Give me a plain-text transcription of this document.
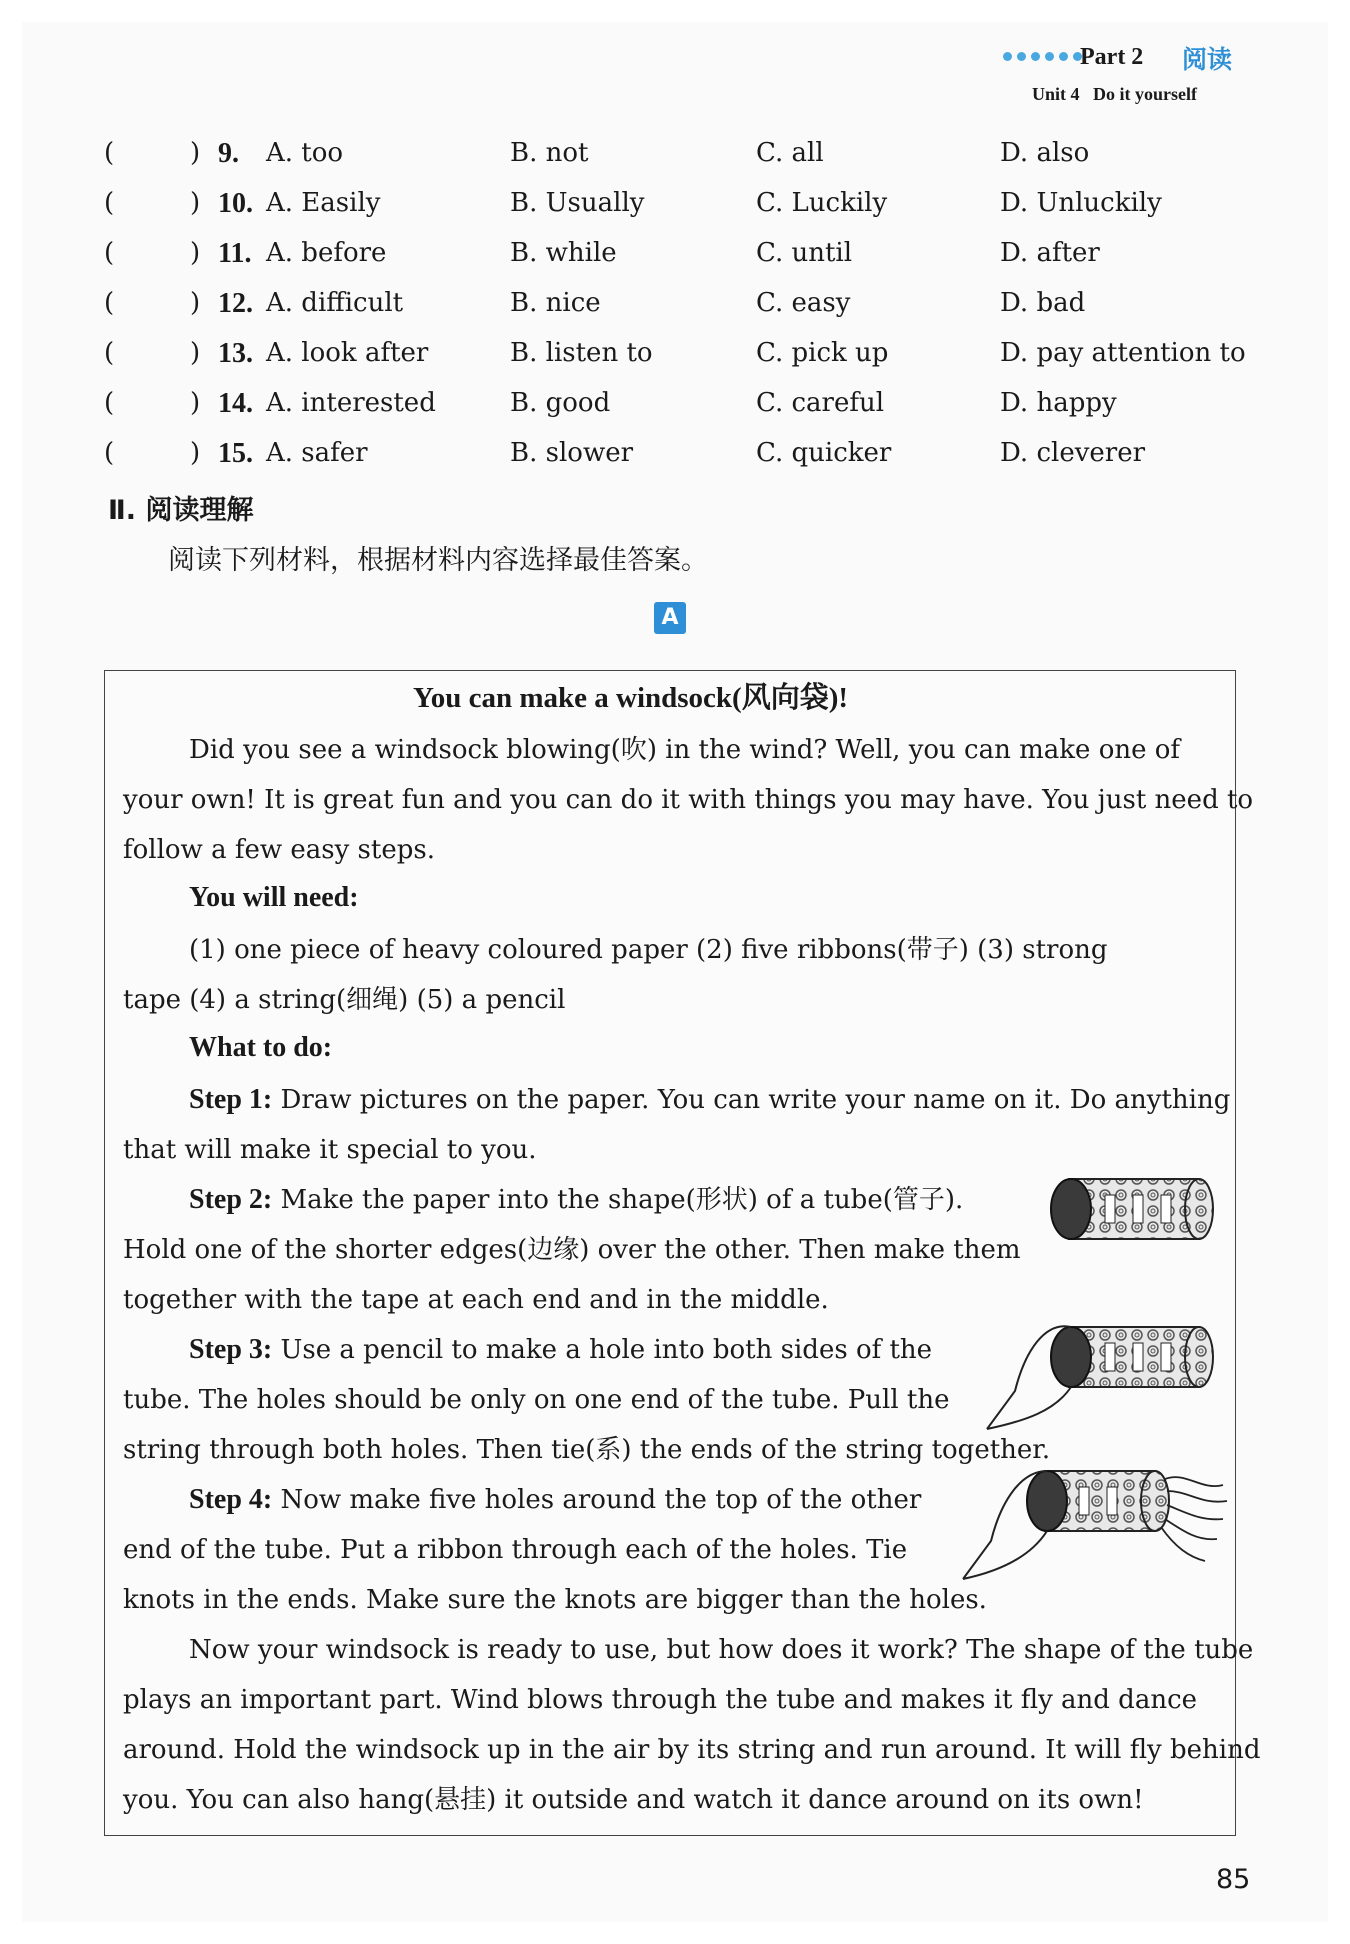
Part 2 阅读
Unit 4 Do it yourself
(	) 9. A. too	B. not	C. all	D. also
(	) 10. A. Easily	B. Usually	C. Luckily	D. Unluckily
(	) 11. A. before	B. while	C. until	D. after
(	) 12. A. difficult	B. nice	C. easy	D. bad
(	) 13. A. look after	B. listen to	C. pick up	D. pay attention to
(	) 14. A. interested	B. good	C. careful	D. happy
(	) 15. A. safer	B. slower	C. quicker	D. cleverer
Ⅱ. 阅读理解
阅读下列材料，根据材料内容选择最佳答案。
A
You can make a windsock(风向袋)!
Did you see a windsock blowing(吹) in the wind? Well, you can make one of
your own! It is great fun and you can do it with things you may have. You just need to
follow a few easy steps.
You will need:
(1) one piece of heavy coloured paper (2) five ribbons(带子) (3) strong
tape (4) a string(细绳) (5) a pencil
What to do:
Step 1: Draw pictures on the paper. You can write your name on it. Do anything
that will make it special to you.
Step 2: Make the paper into the shape(形状) of a tube(管子).
Hold one of the shorter edges(边缘) over the other. Then make them
together with the tape at each end and in the middle.
Step 3: Use a pencil to make a hole into both sides of the
tube. The holes should be only on one end of the tube. Pull the
string through both holes. Then tie(系) the ends of the string together.
Step 4: Now make five holes around the top of the other
end of the tube. Put a ribbon through each of the holes. Tie
knots in the ends. Make sure the knots are bigger than the holes.
Now your windsock is ready to use, but how does it work? The shape of the tube
plays an important part. Wind blows through the tube and makes it fly and dance
around. Hold the windsock up in the air by its string and run around. It will fly behind
you. You can also hang(悬挂) it outside and watch it dance around on its own!
85
